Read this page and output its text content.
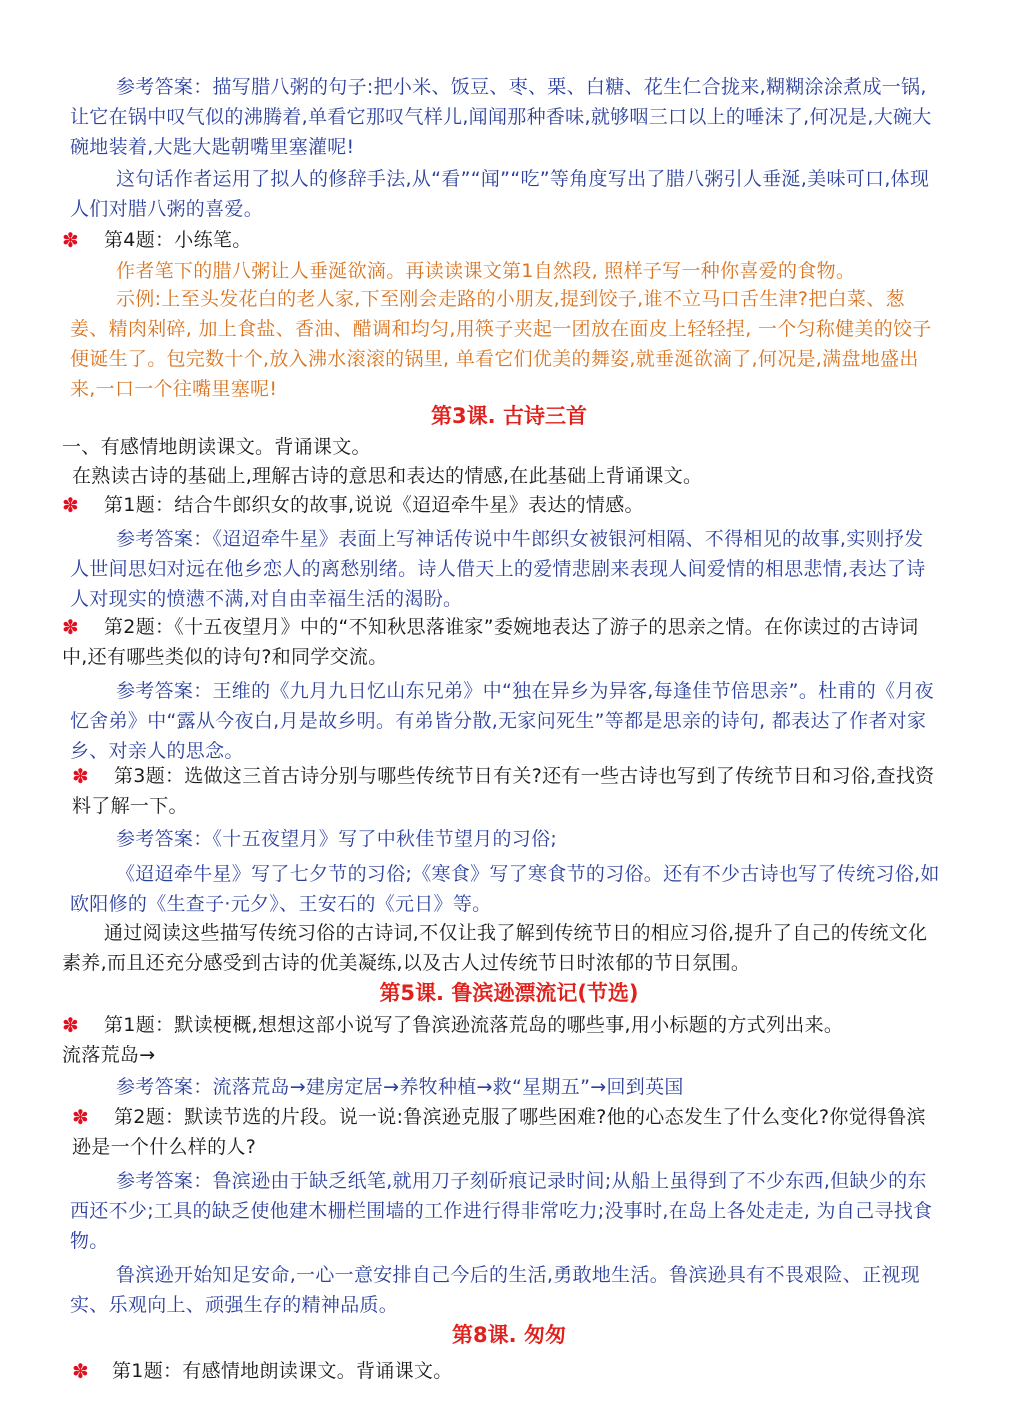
参考答案：描写腊八粥的句子:把小米、饭豆、枣、栗、白糖、花生仁合拢来,糊糊涂涂煮成一锅,让它在锅中叹气似的沸腾着,单看它那叹气样儿,闻闻那种香味,就够咽三口以上的唾沫了,何况是,大碗大碗地装着,大匙大匙朝嘴里塞灌呢!

这句话作者运用了拟人的修辞手法,从“看”“闻”“吃”等角度写出了腊八粥引人垂涎,美味可口,体现人们对腊八粥的喜爱。

✽ 第4题：小练笔。

作者笔下的腊八粥让人垂涎欲滴。再读读课文第1自然段, 照样子写一种你喜爱的食物。

示例:上至头发花白的老人家,下至刚会走路的小朋友,提到饺子,谁不立马口舌生津?把白菜、葱姜、精肉剁碎, 加上食盐、香油、醋调和均匀,用筷子夹起一团放在面皮上轻轻捏, 一个匀称健美的饺子便诞生了。包完数十个,放入沸水滚滚的锅里, 单看它们优美的舞姿,就垂涎欲滴了,何况是,满盘地盛出来,一口一个往嘴里塞呢!

第3课. 古诗三首

一、有感情地朗读课文。背诵课文。

在熟读古诗的基础上,理解古诗的意思和表达的情感,在此基础上背诵课文。

✽ 第1题：结合牛郎织女的故事,说说《迢迢牵牛星》表达的情感。

参考答案：《迢迢牵牛星》表面上写神话传说中牛郎织女被银河相隔、不得相见的故事,实则抒发人世间思妇对远在他乡恋人的离愁别绪。诗人借天上的爱情悲剧来表现人间爱情的相思悲情,表达了诗人对现实的愤懑不满,对自由幸福生活的渴盼。

✽	第2题：《十五夜望月》中的“不知秋思落谁家”委婉地表达了游子的思亲之情。在你读过的古诗词中,还有哪些类似的诗句?和同学交流。

参考答案：王维的《九月九日忆山东兄弟》中“独在异乡为异客,每逢佳节倍思亲”。杜甫的《月夜忆舍弟》中“露从今夜白,月是故乡明。有弟皆分散,无家问死生”等都是思亲的诗句, 都表达了作者对家乡、对亲人的思念。

✽	第3题：选做这三首古诗分别与哪些传统节日有关?还有一些古诗也写到了传统节日和习俗,查找资料了解一下。

参考答案：《十五夜望月》写了中秋佳节望月的习俗;

《迢迢牵牛星》写了七夕节的习俗;《寒食》写了寒食节的习俗。还有不少古诗也写了传统习俗,如欧阳修的《生查子·元夕》、王安石的《元日》等。

通过阅读这些描写传统习俗的古诗词,不仅让我了解到传统节日的相应习俗,提升了自己的传统文化素养,而且还充分感受到古诗的优美凝练,以及古人过传统节日时浓郁的节日氛围。

第5课. 鲁滨逊漂流记(节选)
✽ 第1题：默读梗概,想想这部小说写了鲁滨逊流落荒岛的哪些事,用小标题的方式列出来。

流落荒岛→

参考答案：流落荒岛→建房定居→养牧种植→救“星期五”→回到英国

✽	第2题：默读节选的片段。说一说:鲁滨逊克服了哪些困难?他的心态发生了什么变化?你觉得鲁滨逊是一个什么样的人?

参考答案：鲁滨逊由于缺乏纸笔,就用刀子刻斫痕记录时间;从船上虽得到了不少东西,但缺少的东西还不少;工具的缺乏使他建木栅栏围墙的工作进行得非常吃力;没事时,在岛上各处走走, 为自己寻找食物。

鲁滨逊开始知足安命,一心一意安排自己今后的生活,勇敢地生活。鲁滨逊具有不畏艰险、正视现实、乐观向上、顽强生存的精神品质。

第8课. 匆匆
✽ 第1题：有感情地朗读课文。背诵课文。
